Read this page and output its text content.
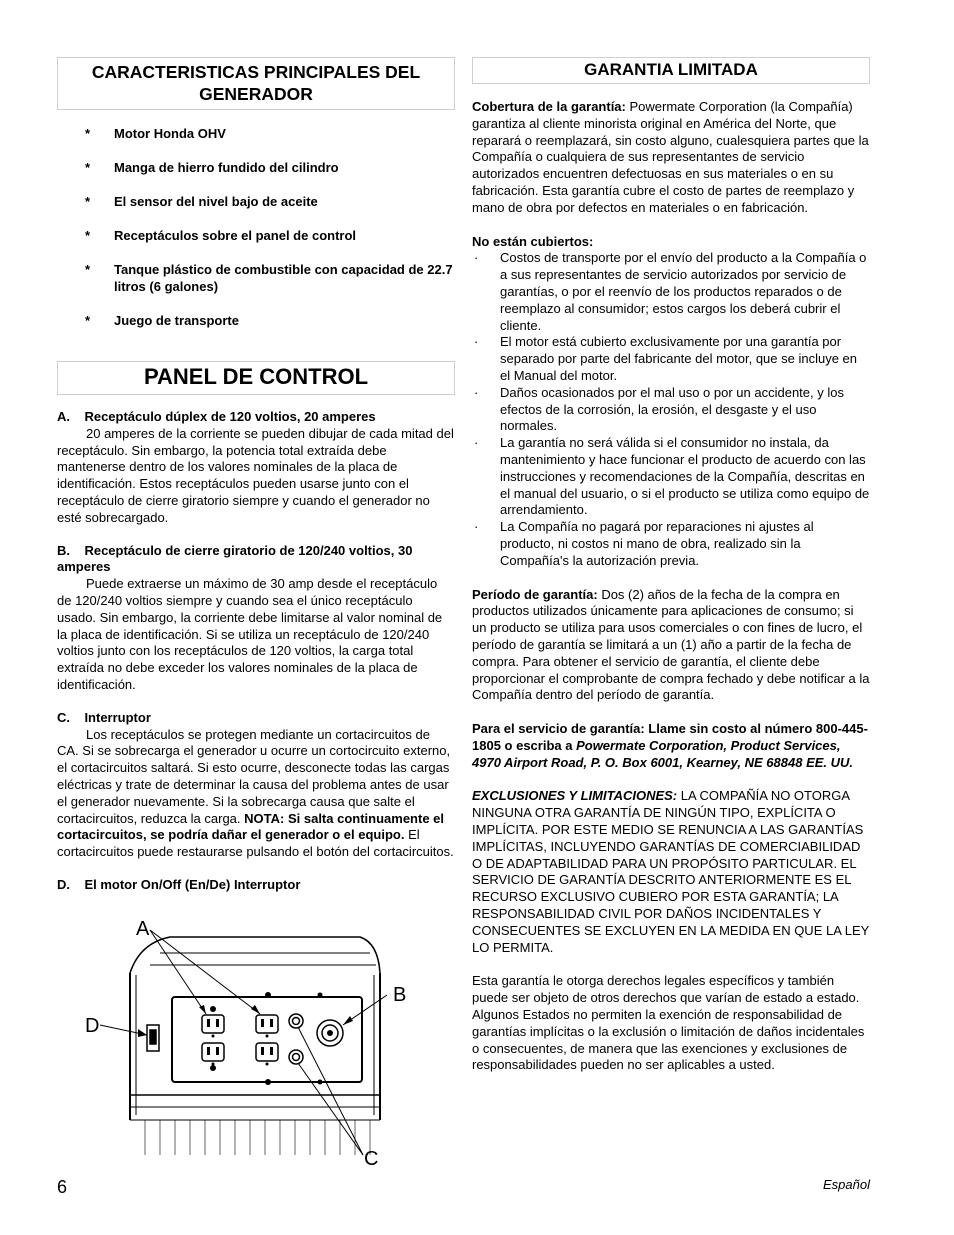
CARACTERISTICAS PRINCIPALES DEL GENERADOR
* Motor Honda OHV
* Manga de hierro fundido del cilindro
* El sensor del nivel bajo de aceite
* Receptáculos sobre el panel de control
* Tanque plástico de combustible con capacidad de 22.7 litros (6 galones)
* Juego de transporte
PANEL DE CONTROL

A.    Receptáculo dúplex de 120 voltios, 20 amperes

20 amperes de la corriente se pueden dibujar de cada mitad del receptáculo. Sin embargo, la potencia total extraída debe mantenerse dentro de los valores nominales de la placa de identificación. Estos receptáculos pueden usarse junto con el receptáculo de cierre giratorio siempre y cuando el generador no esté sobrecargado.

B.    Receptáculo de cierre giratorio de 120/240 voltios, 30 amperes

Puede extraerse un máximo de 30 amp desde el receptáculo de 120/240 voltios siempre y cuando sea el único receptáculo usado. Sin embargo, la corriente debe limitarse al valor nominal de la placa de identificación. Si se utiliza un receptáculo de 120/240 voltios junto con los receptáculos de 120 voltios, la carga total extraída no debe exceder los valores nominales de la placa de identificación.

C.    Interruptor

Los receptáculos se protegen mediante un cortacircuitos de CA. Si se sobrecarga el generador u ocurre un cortocircuito externo, el cortacircuitos saltará. Si esto ocurre, desconecte todas las cargas eléctricas y trate de determinar la causa del problema antes de usar el generador nuevamente. Si la sobrecarga causa que salte el cortacircuitos, reduzca la carga. NOTA: Si salta continuamente el cortacircuitos, se podría dañar el generador o el equipo. El cortacircuitos puede restaurarse pulsando el botón del cortacircuitos.

D.    El motor On/Off (En/De) Interruptor

A
B
C
D
GARANTIA LIMITADA

Cobertura de la garantía: Powermate Corporation (la Compañía) garantiza al cliente minorista original en América del Norte, que reparará o reemplazará, sin costo alguno, cualesquiera partes que la Compañía o cualquiera de sus representantes de servicio autorizados encuentren defectuosas en sus materiales o en su fabricación. Esta garantía cubre el costo de partes de reemplazo y mano de obra por defectos en materiales o en fabricación.

No están cubiertos:

· Costos de transporte por el envío del producto a la Compañía o a sus representantes de servicio autorizados por servicio de garantías, o por el reenvío de los productos reparados o de reemplazo al consumidor; estos cargos los deberá cubrir el cliente.
· El motor está cubierto exclusivamente por una garantía por separado por parte del fabricante del motor, que se incluye en el Manual del motor.
· Daños ocasionados por el mal uso o por un accidente, y los efectos de la corrosión, la erosión, el desgaste y el uso normales.
· La garantía no será válida si el consumidor no instala, da mantenimiento y hace funcionar el producto de acuerdo con las instrucciones y recomendaciones de la Compañía, descritas en el manual del usuario, o si el producto se utiliza como equipo de arrendamiento.
· La Compañía no pagará por reparaciones ni ajustes al producto, ni costos ni mano de obra, realizado sin la Compañía's la autorización previa.

Período de garantía: Dos (2) años de la fecha de la compra en productos utilizados únicamente para aplicaciones de consumo; si un producto se utiliza para usos comerciales o con fines de lucro, el período de garantía se limitará a un (1) año a partir de la fecha de compra. Para obtener el servicio de garantía, el cliente debe proporcionar el comprobante de compra fechado y debe notificar a la Compañía dentro del período de garantía.

Para el servicio de garantía: Llame sin costo al número 800-445-1805 o escriba a Powermate Corporation, Product Services, 4970 Airport Road, P. O. Box 6001, Kearney, NE 68848 EE. UU.

EXCLUSIONES Y LIMITACIONES: LA COMPAÑÍA NO OTORGA NINGUNA OTRA GARANTÍA DE NINGÚN TIPO, EXPLÍCITA O IMPLÍCITA. POR ESTE MEDIO SE RENUNCIA A LAS GARANTÍAS IMPLÍCITAS, INCLUYENDO GARANTÍAS DE COMERCIABILIDAD O DE ADAPTABILIDAD PARA UN PROPÓSITO PARTICULAR. EL SERVICIO DE GARANTÍA DESCRITO ANTERIORMENTE ES EL RECURSO EXCLUSIVO CUBIERO POR ESTA GARANTÍA; LA RESPONSABILIDAD CIVIL POR DAÑOS INCIDENTALES Y CONSECUENTES SE EXCLUYEN EN LA MEDIDA EN QUE LA LEY LO PERMITA.

Esta garantía le otorga derechos legales específicos y también puede ser objeto de otros derechos que varían de estado a estado. Algunos Estados no permiten la exención de responsabilidad de garantías implícitas o la exclusión o limitación de daños incidentales o consecuentes, de manera que las exenciones y exclusiones de responsabilidades pueden no ser aplicables a usted.

6	Español
